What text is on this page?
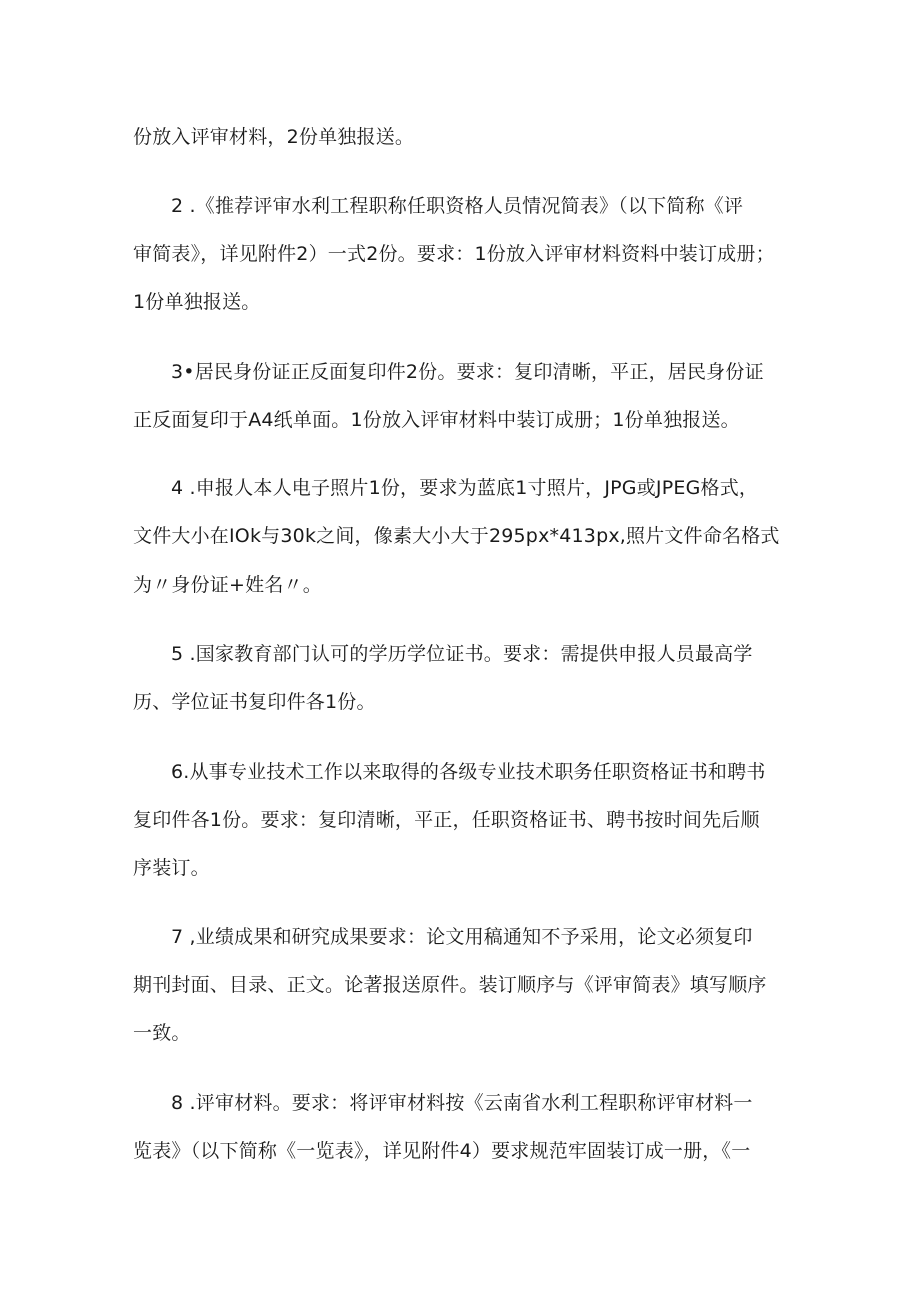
份放入评审材料，2份单独报送。
2 .《推荐评审水利工程职称任职资格人员情况简表》（以下简称《评
审简表》，详见附件2）一式2份。要求：1份放入评审材料资料中装订成册；
1份单独报送。
3•居民身份证正反面复印件2份。要求：复印清晰，平正，居民身份证
正反面复印于A4纸单面。1份放入评审材料中装订成册；1份单独报送。
4 .申报人本人电子照片1份，要求为蓝底1寸照片，JPG或JPEG格式，
文件大小在IOk与30k之间，像素大小大于295px*413px,照片文件命名格式
为〃身份证+姓名〃。
5 .国家教育部门认可的学历学位证书。要求：需提供申报人员最高学
历、学位证书复印件各1份。
6.从事专业技术工作以来取得的各级专业技术职务任职资格证书和聘书
复印件各1份。要求：复印清晰，平正，任职资格证书、聘书按时间先后顺
序装订。
7 ,业绩成果和研究成果要求：论文用稿通知不予采用，论文必须复印
期刊封面、目录、正文。论著报送原件。装订顺序与《评审简表》填写顺序
一致。
8 .评审材料。要求：将评审材料按《云南省水利工程职称评审材料一
览表》（以下简称《一览表》，详见附件4）要求规范牢固装订成一册，《一
